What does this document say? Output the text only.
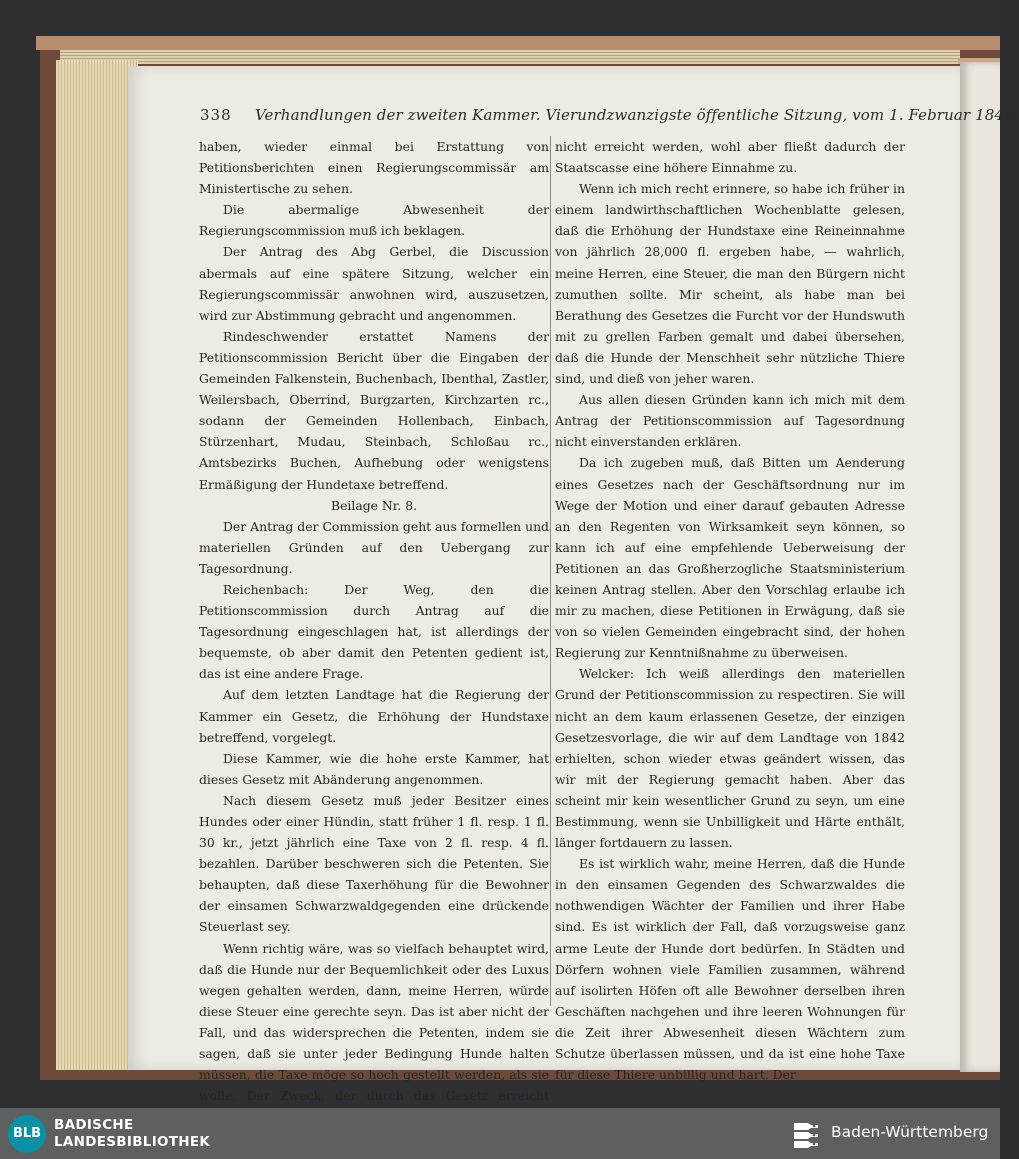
338 Verhandlungen der zweiten Kammer. Vierundzwanzigste öffentliche Sitzung, vom 1. Februar 1844.

haben, wieder einmal bei Erstattung von Petitionsberichten einen Regierungscommissär am Ministertische zu sehen.

Die abermalige Abwesenheit der Regierungscommission muß ich beklagen.

Der Antrag des Abg Gerbel, die Discussion abermals auf eine spätere Sitzung, welcher ein Regierungscommissär anwohnen wird, auszusetzen, wird zur Abstimmung gebracht und angenommen.

Rindeschwender erstattet Namens der Petitionscommission Bericht über die Eingaben der Gemeinden Falkenstein, Buchenbach, Ibenthal, Zastler, Weilersbach, Oberrind, Burgzarten, Kirchzarten rc., sodann der Gemeinden Hollenbach, Einbach, Stürzenhart, Mudau, Steinbach, Schloßau rc., Amtsbezirks Buchen, Aufhebung oder wenigstens Ermäßigung der Hundetaxe betreffend.

Beilage Nr. 8.

Der Antrag der Commission geht aus formellen und materiellen Gründen auf den Uebergang zur Tagesordnung.

Reichenbach: Der Weg, den die Petitionscommission durch Antrag auf die Tagesordnung eingeschlagen hat, ist allerdings der bequemste, ob aber damit den Petenten gedient ist, das ist eine andere Frage.

Auf dem letzten Landtage hat die Regierung der Kammer ein Gesetz, die Erhöhung der Hundstaxe betreffend, vorgelegt.

Diese Kammer, wie die hohe erste Kammer, hat dieses Gesetz mit Abänderung angenommen.

Nach diesem Gesetz muß jeder Besitzer eines Hundes oder einer Hündin, statt früher 1 fl. resp. 1 fl. 30 kr., jetzt jährlich eine Taxe von 2 fl. resp. 4 fl. bezahlen. Darüber beschweren sich die Petenten. Sie behaupten, daß diese Taxerhöhung für die Bewohner der einsamen Schwarzwaldgegenden eine drückende Steuerlast sey.

Wenn richtig wäre, was so vielfach behauptet wird, daß die Hunde nur der Bequemlichkeit oder des Luxus wegen gehalten werden, dann, meine Herren, würde diese Steuer eine gerechte seyn. Das ist aber nicht der Fall, und das widersprechen die Petenten, indem sie sagen, daß sie unter jeder Bedingung Hunde halten müssen, die Taxe möge so hoch gestellt werden, als sie wolle. Der Zweck, der durch das Gesetz erreicht

nicht erreicht werden, wohl aber fließt dadurch der Staatscasse eine höhere Einnahme zu.

Wenn ich mich recht erinnere, so habe ich früher in einem landwirthschaftlichen Wochenblatte gelesen, daß die Erhöhung der Hundstaxe eine Reineinnahme von jährlich 28,000 fl. ergeben habe, — wahrlich, meine Herren, eine Steuer, die man den Bürgern nicht zumuthen sollte. Mir scheint, als habe man bei Berathung des Gesetzes die Furcht vor der Hundswuth mit zu grellen Farben gemalt und dabei übersehen, daß die Hunde der Menschheit sehr nützliche Thiere sind, und dieß von jeher waren.

Aus allen diesen Gründen kann ich mich mit dem Antrag der Petitionscommission auf Tagesordnung nicht einverstanden erklären.

Da ich zugeben muß, daß Bitten um Aenderung eines Gesetzes nach der Geschäftsordnung nur im Wege der Motion und einer darauf gebauten Adresse an den Regenten von Wirksamkeit seyn können, so kann ich auf eine empfehlende Ueberweisung der Petitionen an das Großherzogliche Staatsministerium keinen Antrag stellen. Aber den Vorschlag erlaube ich mir zu machen, diese Petitionen in Erwägung, daß sie von so vielen Gemeinden eingebracht sind, der hohen Regierung zur Kenntnißnahme zu überweisen.

Welcker: Ich weiß allerdings den materiellen Grund der Petitionscommission zu respectiren. Sie will nicht an dem kaum erlassenen Gesetze, der einzigen Gesetzesvorlage, die wir auf dem Landtage von 1842 erhielten, schon wieder etwas geändert wissen, das wir mit der Regierung gemacht haben. Aber das scheint mir kein wesentlicher Grund zu seyn, um eine Bestimmung, wenn sie Unbilligkeit und Härte enthält, länger fortdauern zu lassen.

Es ist wirklich wahr, meine Herren, daß die Hunde in den einsamen Gegenden des Schwarzwaldes die nothwendigen Wächter der Familien und ihrer Habe sind. Es ist wirklich der Fall, daß vorzugsweise ganz arme Leute der Hunde dort bedürfen. In Städten und Dörfern wohnen viele Familien zusammen, während auf isolirten Höfen oft alle Bewohner derselben ihren Geschäften nachgehen und ihre leeren Wohnungen für die Zeit ihrer Abwesenheit diesen Wächtern zum Schutze überlassen müssen, und da ist eine hohe Taxe für diese Thiere unbillig und hart. Der

BLB
BADISCHE
LANDESBIBLIOTHEK
Baden-Württemberg
